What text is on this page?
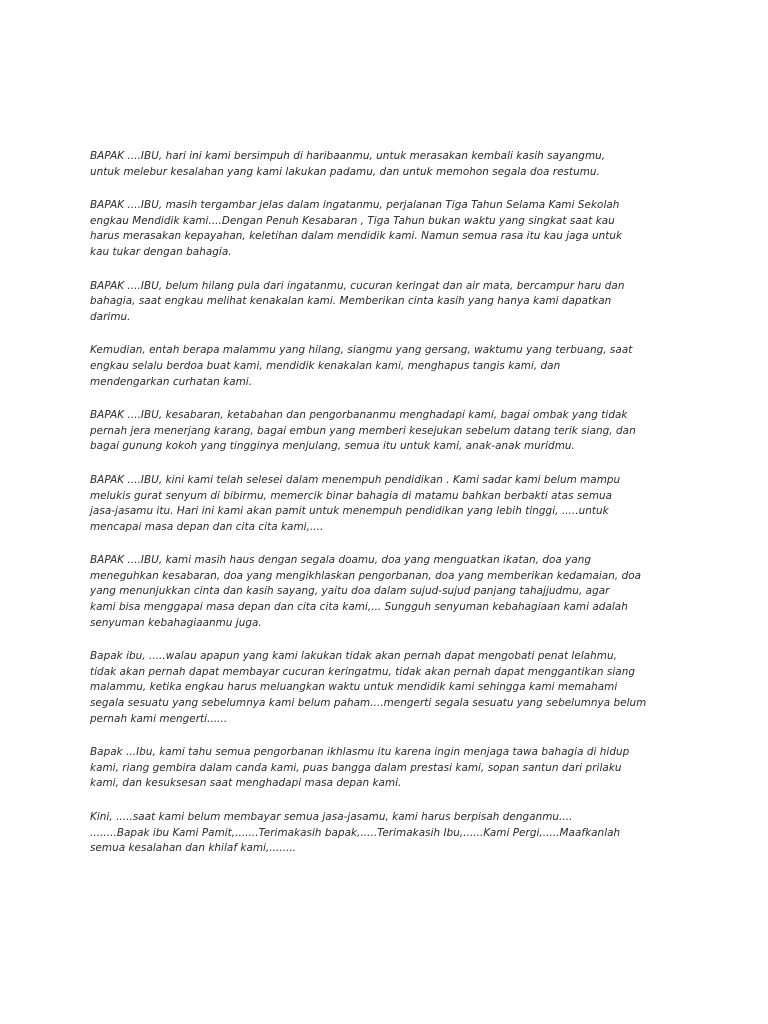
BAPAK ....IBU, hari ini kami bersimpuh di haribaanmu, untuk merasakan kembali kasih sayangmu,
untuk melebur kesalahan yang kami lakukan padamu, dan untuk memohon segala doa restumu.

BAPAK ....IBU, masih tergambar jelas dalam ingatanmu, perjalanan Tiga Tahun Selama Kami Sekolah
engkau Mendidik kami....Dengan Penuh Kesabaran , Tiga Tahun bukan waktu yang singkat saat kau
harus merasakan kepayahan, keletihan dalam mendidik kami. Namun semua rasa itu kau jaga untuk
kau tukar dengan bahagia.

BAPAK ....IBU, belum hilang pula dari ingatanmu, cucuran keringat dan air mata, bercampur haru dan
bahagia, saat engkau melihat kenakalan kami. Memberikan cinta kasih yang hanya kami dapatkan
darimu.

Kemudian, entah berapa malammu yang hilang, siangmu yang gersang, waktumu yang terbuang, saat
engkau selalu berdoa buat kami, mendidik kenakalan kami, menghapus tangis kami, dan
mendengarkan curhatan kami.

BAPAK ....IBU, kesabaran, ketabahan dan pengorbananmu menghadapi kami, bagai ombak yang tidak
pernah jera menerjang karang, bagai embun yang memberi kesejukan sebelum datang terik siang, dan
bagai gunung kokoh yang tingginya menjulang, semua itu untuk kami, anak-anak muridmu.

BAPAK ....IBU, kini kami telah selesei dalam menempuh pendidikan . Kami sadar kami belum mampu
melukis gurat senyum di bibirmu, memercik binar bahagia di matamu bahkan berbakti atas semua
jasa-jasamu itu. Hari ini kami akan pamit untuk menempuh pendidikan yang lebih tinggi, .....untuk
mencapai masa depan dan cita cita kami,....

BAPAK ....IBU, kami masih haus dengan segala doamu, doa yang menguatkan ikatan, doa yang
meneguhkan kesabaran, doa yang mengikhlaskan pengorbanan, doa yang memberikan kedamaian, doa
yang menunjukkan cinta dan kasih sayang, yaitu doa dalam sujud-sujud panjang tahajjudmu, agar
kami bisa menggapai masa depan dan cita cita kami,... Sungguh senyuman kebahagiaan kami adalah
senyuman kebahagiaanmu juga.

Bapak ibu, .....walau apapun yang kami lakukan tidak akan pernah dapat mengobati penat lelahmu,
tidak akan pernah dapat membayar cucuran keringatmu, tidak akan pernah dapat menggantikan siang
malammu, ketika engkau harus meluangkan waktu untuk mendidik kami sehingga kami memahami
segala sesuatu yang sebelumnya kami belum paham....mengerti segala sesuatu yang sebelumnya belum
pernah kami mengerti......

Bapak ...Ibu, kami tahu semua pengorbanan ikhlasmu itu karena ingin menjaga tawa bahagia di hidup
kami, riang gembira dalam canda kami, puas bangga dalam prestasi kami, sopan santun dari prilaku
kami, dan kesuksesan saat menghadapi masa depan kami.

Kini, .....saat kami belum membayar semua jasa-jasamu, kami harus berpisah denganmu....
........Bapak ibu Kami Pamit,.......Terimakasih bapak,.....Terimakasih Ibu,......Kami Pergi,.....Maafkanlah
semua kesalahan dan khilaf kami,........
